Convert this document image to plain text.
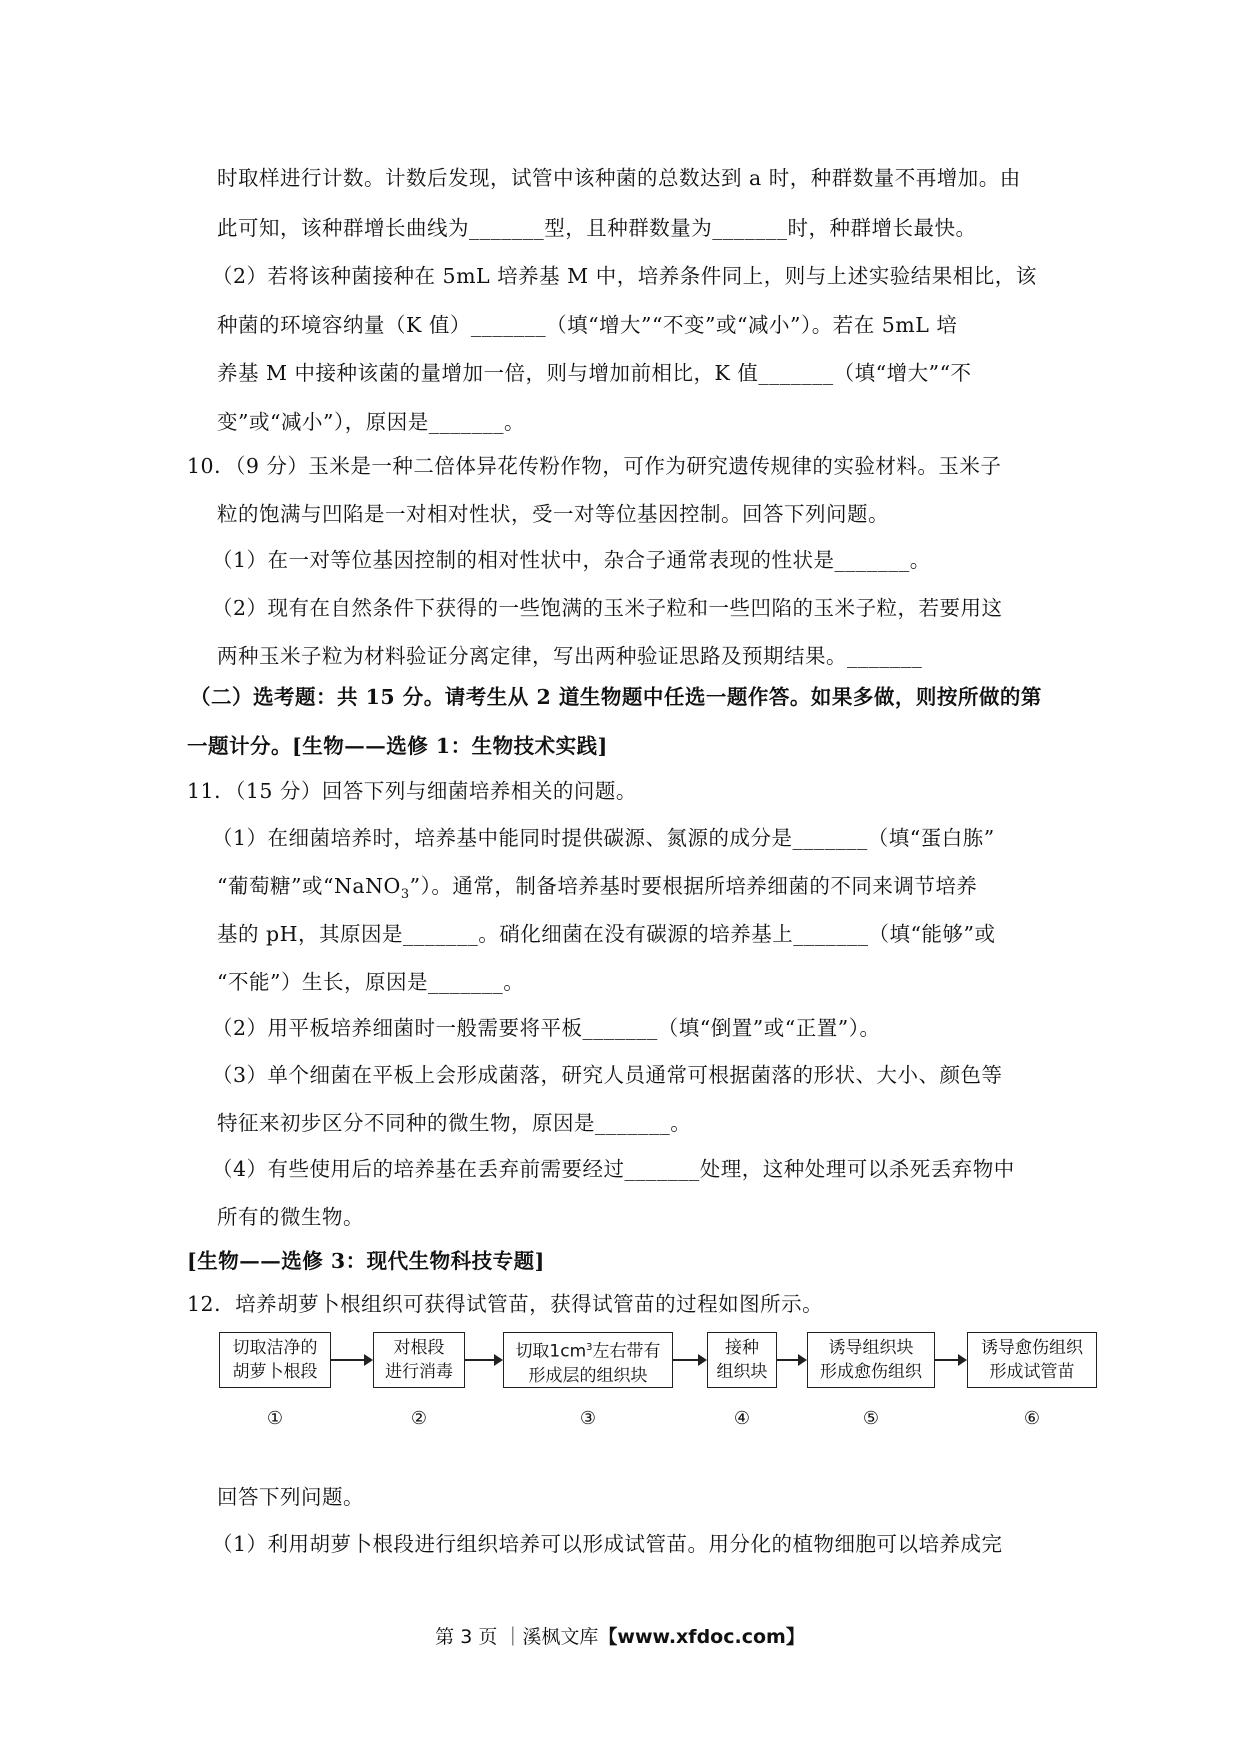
时取样进行计数。计数后发现，试管中该种菌的总数达到 a 时，种群数量不再增加。由
此可知，该种群增长曲线为_______型，且种群数量为_______时，种群增长最快。
（2）若将该种菌接种在 5mL 培养基 M 中，培养条件同上，则与上述实验结果相比，该
种菌的环境容纳量（K 值）_______（填“增大”“不变”或“减小”）。若在 5mL 培
养基 M 中接种该菌的量增加一倍，则与增加前相比，K 值_______（填“增大”“不
变”或“减小”），原因是_______。
10．（9 分）玉米是一种二倍体异花传粉作物，可作为研究遗传规律的实验材料。玉米子
粒的饱满与凹陷是一对相对性状，受一对等位基因控制。回答下列问题。
（1）在一对等位基因控制的相对性状中，杂合子通常表现的性状是_______。
（2）现有在自然条件下获得的一些饱满的玉米子粒和一些凹陷的玉米子粒，若要用这
两种玉米子粒为材料验证分离定律，写出两种验证思路及预期结果。_______
（二）选考题：共 15 分。请考生从 2 道生物题中任选一题作答。如果多做，则按所做的第
一题计分。[生物——选修 1：生物技术实践]
11．（15 分）回答下列与细菌培养相关的问题。
（1）在细菌培养时，培养基中能同时提供碳源、氮源的成分是_______（填“蛋白胨”
“葡萄糖”或“NaNO$_3$”）。通常，制备培养基时要根据所培养细菌的不同来调节培养
基的 pH，其原因是_______。硝化细菌在没有碳源的培养基上_______（填“能够”或
“不能”）生长，原因是_______。
（2）用平板培养细菌时一般需要将平板_______（填“倒置”或“正置”）。
（3）单个细菌在平板上会形成菌落，研究人员通常可根据菌落的形状、大小、颜色等
特征来初步区分不同种的微生物，原因是_______。
（4）有些使用后的培养基在丢弃前需要经过_______处理，这种处理可以杀死丢弃物中
所有的微生物。
[生物——选修 3：现代生物科技专题]
12．培养胡萝卜根组织可获得试管苗，获得试管苗的过程如图所示。
切取洁净的
胡萝卜根段
对根段
进行消毒
切取$1cm^3$左右带有
形成层的组织块
接种
组织块
诱导组织块
形成愈伤组织
诱导愈伤组织
形成试管苗
①	②	③	④	⑤	⑥
回答下列问题。
（1）利用胡萝卜根段进行组织培养可以形成试管苗。用分化的植物细胞可以培养成完
第 3 页 ｜溪枫文库【www.xfdoc.com】
